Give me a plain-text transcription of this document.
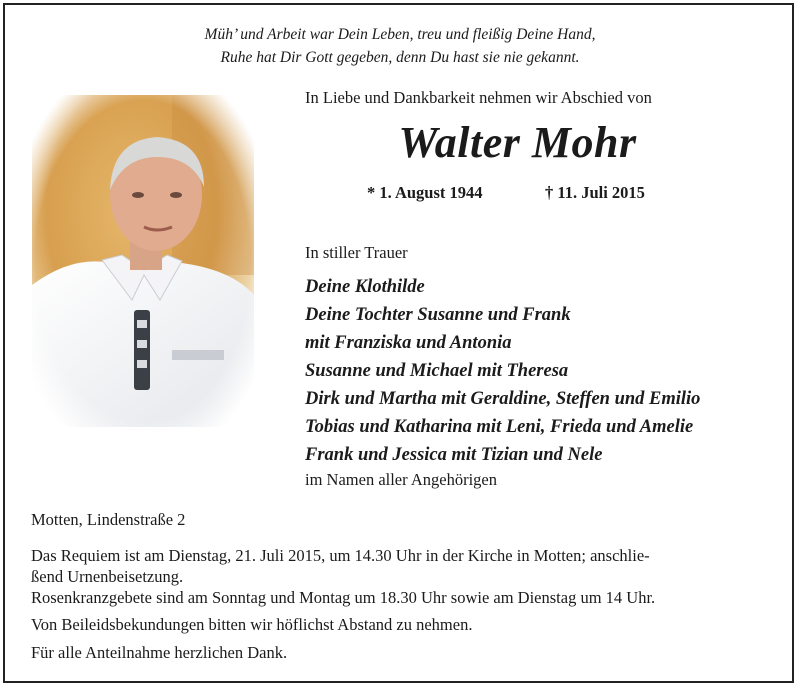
Müh’ und Arbeit war Dein Leben, treu und fleißig Deine Hand,
Ruhe hat Dir Gott gegeben, denn Du hast sie nie gekannt.
In Liebe und Dankbarkeit nehmen wir Abschied von
Walter Mohr
* 1. August 1944	† 11. Juli 2015
In stiller Trauer
Deine Klothilde
Deine Tochter Susanne und Frank
mit Franziska und Antonia
Susanne und Michael mit Theresa
Dirk und Martha mit Geraldine, Steffen und Emilio
Tobias und Katharina mit Leni, Frieda und Amelie
Frank und Jessica mit Tizian und Nele
im Namen aller Angehörigen
Motten, Lindenstraße 2

Das Requiem ist am Dienstag, 21. Juli 2015, um 14.30 Uhr in der Kirche in Motten; anschlie-

ßend Urnenbeisetzung.

Rosenkranzgebete sind am Sonntag und Montag um 18.30 Uhr sowie am Dienstag um 14 Uhr.

Von Beileidsbekundungen bitten wir höflichst Abstand zu nehmen.

Für alle Anteilnahme herzlichen Dank.
